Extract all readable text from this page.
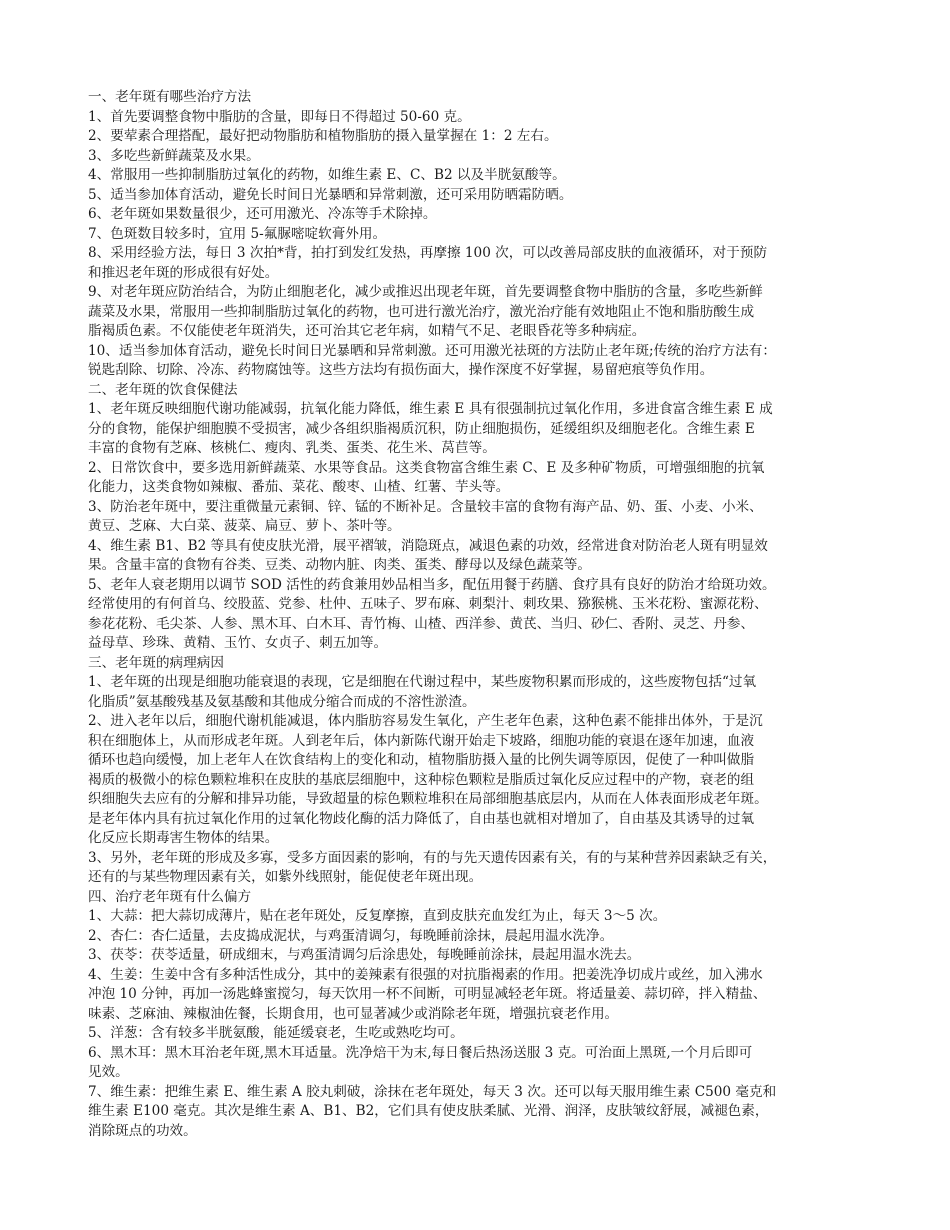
一、老年斑有哪些治疗方法
1、首先要调整食物中脂肪的含量，即每日不得超过 50-60 克。
2、要荤素合理搭配，最好把动物脂肪和植物脂肪的摄入量掌握在 1：2 左右。
3、多吃些新鲜蔬菜及水果。
4、常服用一些抑制脂肪过氧化的药物，如维生素 E、C、B2 以及半胱氨酸等。
5、适当参加体育活动，避免长时间日光暴晒和异常刺激，还可采用防晒霜防晒。
6、老年斑如果数量很少，还可用激光、冷冻等手术除掉。
7、色斑数目较多时，宜用 5-氟脲嘧啶软膏外用。
8、采用经验方法，每日 3 次拍*背，拍打到发红发热，再摩擦 100 次，可以改善局部皮肤的血液循环，对于预防
和推迟老年斑的形成很有好处。
9、对老年斑应防治结合，为防止细胞老化，减少或推迟出现老年斑，首先要调整食物中脂肪的含量，多吃些新鲜
蔬菜及水果，常服用一些抑制脂肪过氧化的药物，也可进行激光治疗，激光治疗能有效地阻止不饱和脂肪酸生成
脂褐质色素。不仅能使老年斑消失，还可治其它老年病，如精气不足、老眼昏花等多种病症。
10、适当参加体育活动，避免长时间日光暴晒和异常刺激。还可用激光祛斑的方法防止老年斑;传统的治疗方法有：
锐匙刮除、切除、冷冻、药物腐蚀等。这些方法均有损伤面大，操作深度不好掌握，易留疤痕等负作用。
二、老年斑的饮食保健法
1、老年斑反映细胞代谢功能减弱，抗氧化能力降低，维生素 E 具有很强制抗过氧化作用，多进食富含维生素 E 成
分的食物，能保护细胞膜不受损害，减少各组织脂褐质沉积，防止细胞损伤，延缓组织及细胞老化。含维生素 E
丰富的食物有芝麻、核桃仁、瘦肉、乳类、蛋类、花生米、莴苣等。
2、日常饮食中，要多选用新鲜蔬菜、水果等食品。这类食物富含维生素 C、E 及多种矿物质，可增强细胞的抗氧
化能力，这类食物如辣椒、番茄、菜花、酸枣、山楂、红薯、芋头等。
3、防治老年斑中，要注重微量元素铜、锌、锰的不断补足。含量较丰富的食物有海产品、奶、蛋、小麦、小米、
黄豆、芝麻、大白菜、菠菜、扁豆、萝卜、茶叶等。
4、维生素 B1、B2 等具有使皮肤光滑，展平褶皱，消隐斑点，减退色素的功效，经常进食对防治老人斑有明显效
果。含量丰富的食物有谷类、豆类、动物内脏、肉类、蛋类、酵母以及绿色蔬菜等。
5、老年人衰老期用以调节 SOD 活性的药食兼用妙品相当多，配伍用餐于药膳、食疗具有良好的防治才给斑功效。
经常使用的有何首乌、绞股蓝、党参、杜仲、五味子、罗布麻、刺梨汁、刺玫果、猕猴桃、玉米花粉、蜜源花粉、
参花花粉、毛尖茶、人参、黑木耳、白木耳、青竹梅、山楂、西洋参、黄芪、当归、砂仁、香附、灵芝、丹参、
益母草、珍珠、黄精、玉竹、女贞子、刺五加等。
三、老年斑的病理病因
1、老年斑的出现是细胞功能衰退的表现，它是细胞在代谢过程中，某些废物积累而形成的，这些废物包括“过氧
化脂质”氨基酸残基及氨基酸和其他成分缩合而成的不溶性淤渣。
2、进入老年以后，细胞代谢机能减退，体内脂肪容易发生氧化，产生老年色素，这种色素不能排出体外，于是沉
积在细胞体上，从而形成老年斑。人到老年后，体内新陈代谢开始走下坡路，细胞功能的衰退在逐年加速，血液
循环也趋向缓慢，加上老年人在饮食结构上的变化和动，植物脂肪摄入量的比例失调等原因，促使了一种叫做脂
褐质的极微小的棕色颗粒堆积在皮肤的基底层细胞中，这种棕色颗粒是脂质过氧化反应过程中的产物，衰老的组
织细胞失去应有的分解和排异功能，导致超量的棕色颗粒堆积在局部细胞基底层内，从而在人体表面形成老年斑。
是老年体内具有抗过氧化作用的过氧化物歧化酶的活力降低了，自由基也就相对增加了，自由基及其诱导的过氧
化反应长期毒害生物体的结果。
3、另外，老年斑的形成及多寡，受多方面因素的影响，有的与先天遗传因素有关，有的与某种营养因素缺乏有关，
还有的与某些物理因素有关，如紫外线照射，能促使老年斑出现。
四、治疗老年斑有什么偏方
1、大蒜：把大蒜切成薄片，贴在老年斑处，反复摩擦，直到皮肤充血发红为止，每天 3～5 次。
2、杏仁：杏仁适量，去皮捣成泥状，与鸡蛋清调匀，每晚睡前涂抹，晨起用温水洗净。
3、茯苓：茯苓适量，研成细末，与鸡蛋清调匀后涂患处，每晚睡前涂抹，晨起用温水洗去。
4、生姜：生姜中含有多种活性成分，其中的姜辣素有很强的对抗脂褐素的作用。把姜洗净切成片或丝，加入沸水
冲泡 10 分钟，再加一汤匙蜂蜜搅匀，每天饮用一杯不间断，可明显减轻老年斑。将适量姜、蒜切碎，拌入精盐、
味素、芝麻油、辣椒油佐餐，长期食用，也可显著减少或消除老年斑，增强抗衰老作用。
5、洋葱：含有较多半胱氨酸，能延缓衰老，生吃或熟吃均可。
6、黑木耳：黑木耳治老年斑,黑木耳适量。洗净焙干为末,每日餐后热汤送服 3 克。可治面上黑斑,一个月后即可
见效。
7、维生素：把维生素 E、维生素 A 胶丸刺破，涂抹在老年斑处，每天 3 次。还可以每天服用维生素 C500 毫克和
维生素 E100 毫克。其次是维生素 A、B1、B2，它们具有使皮肤柔腻、光滑、润泽，皮肤皱纹舒展，减褪色素，
消除斑点的功效。
